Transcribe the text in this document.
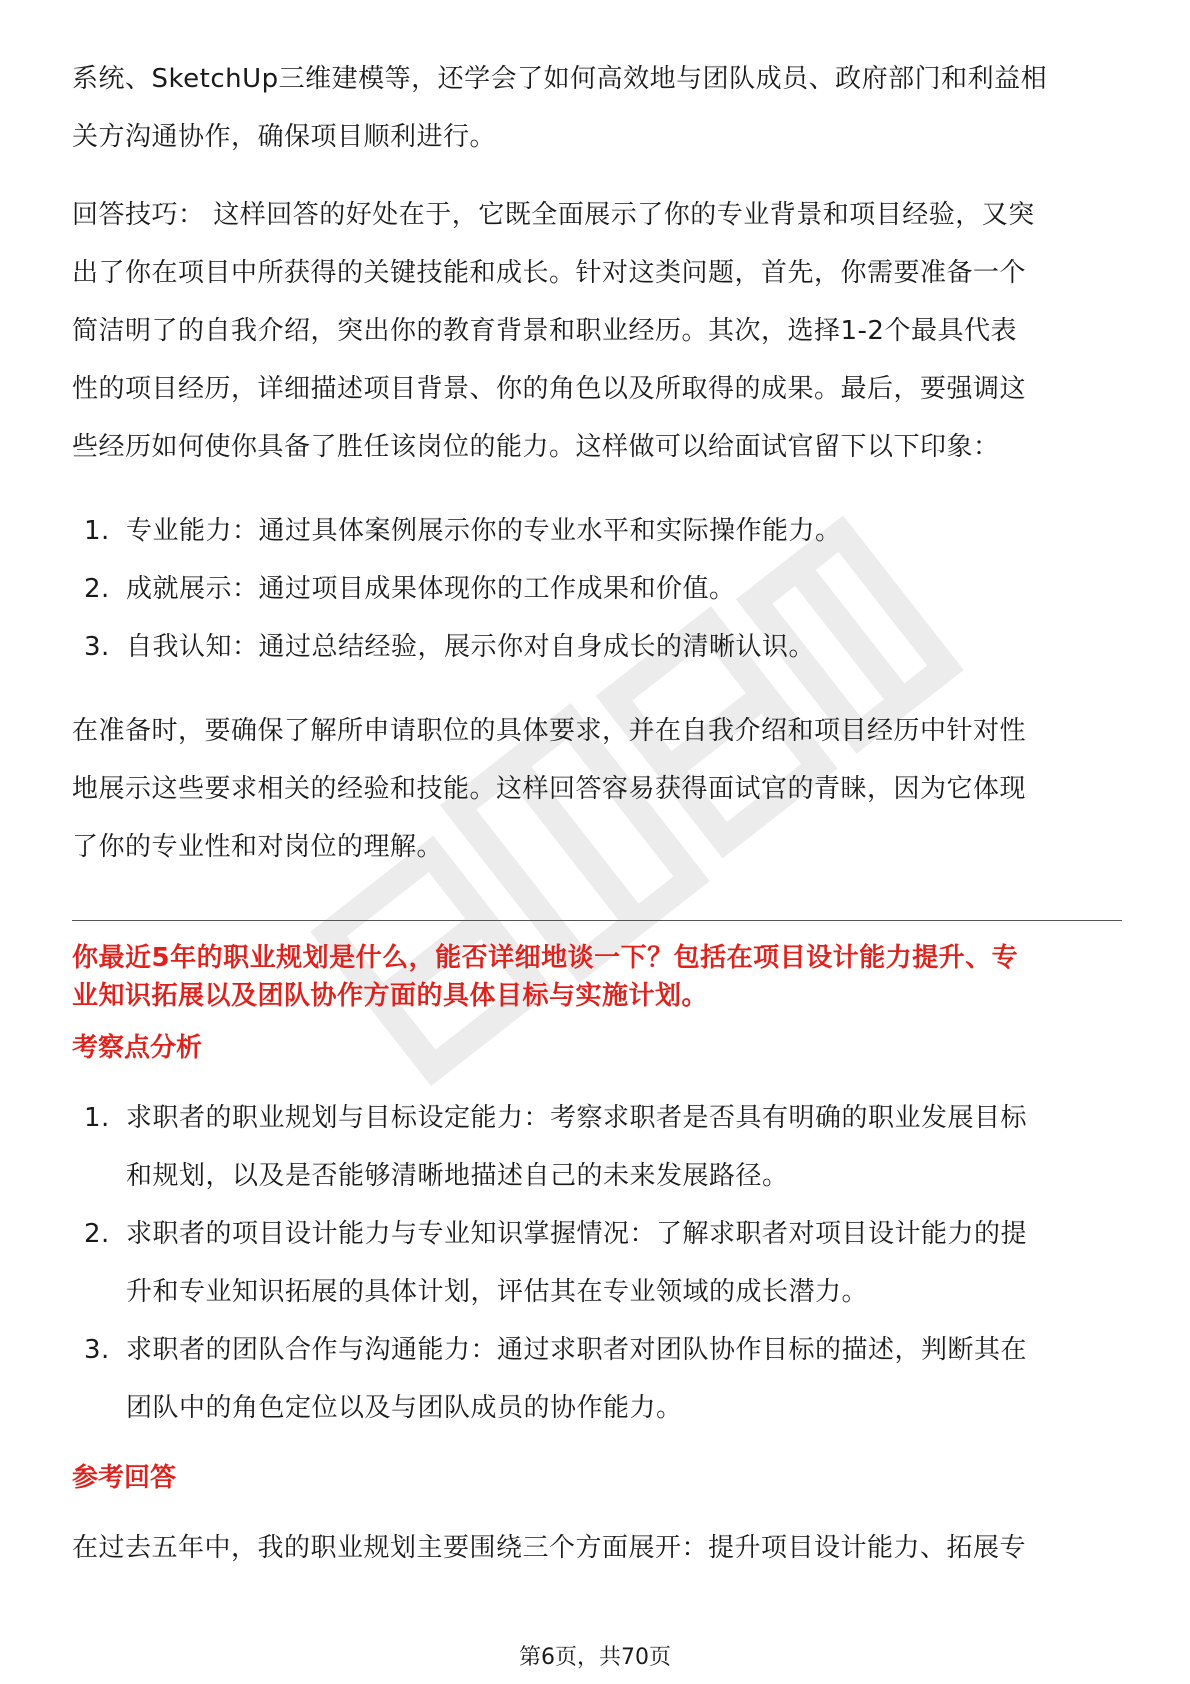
系统、SketchUp三维建模等，还学会了如何高效地与团队成员、政府部门和利益相

关方沟通协作，确保项目顺利进行。

回答技巧： 这样回答的好处在于，它既全面展示了你的专业背景和项目经验，又突

出了你在项目中所获得的关键技能和成长。针对这类问题，首先，你需要准备一个

简洁明了的自我介绍，突出你的教育背景和职业经历。其次，选择1-2个最具代表

性的项目经历，详细描述项目背景、你的角色以及所取得的成果。最后，要强调这

些经历如何使你具备了胜任该岗位的能力。这样做可以给面试官留下以下印象：

1. 专业能力：通过具体案例展示你的专业水平和实际操作能力。
2. 成就展示：通过项目成果体现你的工作成果和价值。
3. 自我认知：通过总结经验，展示你对自身成长的清晰认识。

在准备时，要确保了解所申请职位的具体要求，并在自我介绍和项目经历中针对性

地展示这些要求相关的经验和技能。这样回答容易获得面试官的青睐，因为它体现

了你的专业性和对岗位的理解。

你最近5年的职业规划是什么，能否详细地谈一下？包括在项目设计能力提升、专

业知识拓展以及团队协作方面的具体目标与实施计划。

考察点分析

1. 求职者的职业规划与目标设定能力：考察求职者是否具有明确的职业发展目标
和规划，以及是否能够清晰地描述自己的未来发展路径。
2. 求职者的项目设计能力与专业知识掌握情况：了解求职者对项目设计能力的提
升和专业知识拓展的具体计划，评估其在专业领域的成长潜力。
3. 求职者的团队合作与沟通能力：通过求职者对团队协作目标的描述，判断其在
团队中的角色定位以及与团队成员的协作能力。

参考回答

在过去五年中，我的职业规划主要围绕三个方面展开：提升项目设计能力、拓展专

第6页，共70页
